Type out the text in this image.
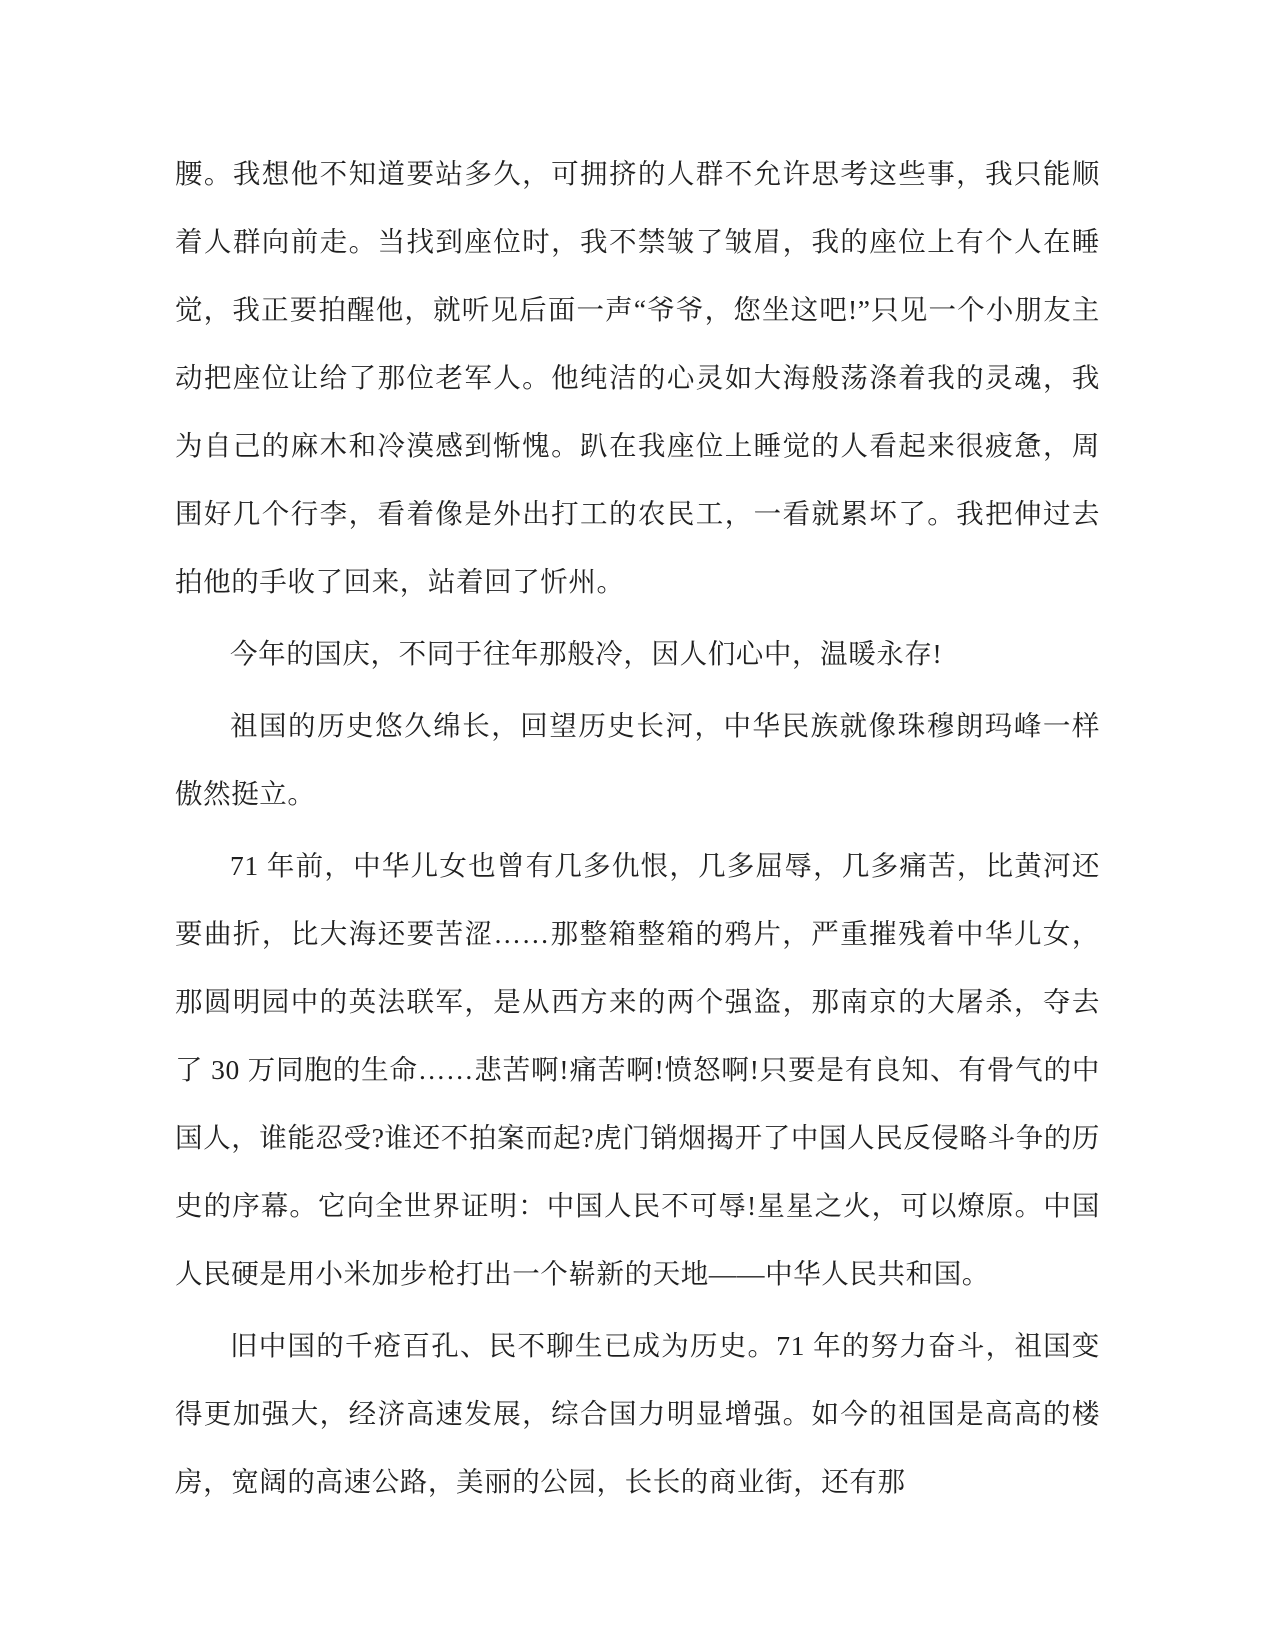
腰。我想他不知道要站多久，可拥挤的人群不允许思考这些事，我只能顺着人群向前走。当找到座位时，我不禁皱了皱眉，我的座位上有个人在睡觉，我正要拍醒他，就听见后面一声“爷爷，您坐这吧!”只见一个小朋友主动把座位让给了那位老军人。他纯洁的心灵如大海般荡涤着我的灵魂，我为自己的麻木和冷漠感到惭愧。趴在我座位上睡觉的人看起来很疲惫，周围好几个行李，看着像是外出打工的农民工，一看就累坏了。我把伸过去拍他的手收了回来，站着回了忻州。

今年的国庆，不同于往年那般冷，因人们心中，温暖永存!

祖国的历史悠久绵长，回望历史长河，中华民族就像珠穆朗玛峰一样傲然挺立。

71 年前，中华儿女也曾有几多仇恨，几多屈辱，几多痛苦，比黄河还要曲折，比大海还要苦涩……那整箱整箱的鸦片，严重摧残着中华儿女，那圆明园中的英法联军，是从西方来的两个强盗，那南京的大屠杀，夺去了 30 万同胞的生命……悲苦啊!痛苦啊!愤怒啊!只要是有良知、有骨气的中国人，谁能忍受?谁还不拍案而起?虎门销烟揭开了中国人民反侵略斗争的历史的序幕。它向全世界证明：中国人民不可辱!星星之火，可以燎原。中国人民硬是用小米加步枪打出一个崭新的天地——中华人民共和国。

旧中国的千疮百孔、民不聊生已成为历史。71 年的努力奋斗，祖国变得更加强大，经济高速发展，综合国力明显增强。如今的祖国是高高的楼房，宽阔的高速公路，美丽的公园，长长的商业街，还有那
